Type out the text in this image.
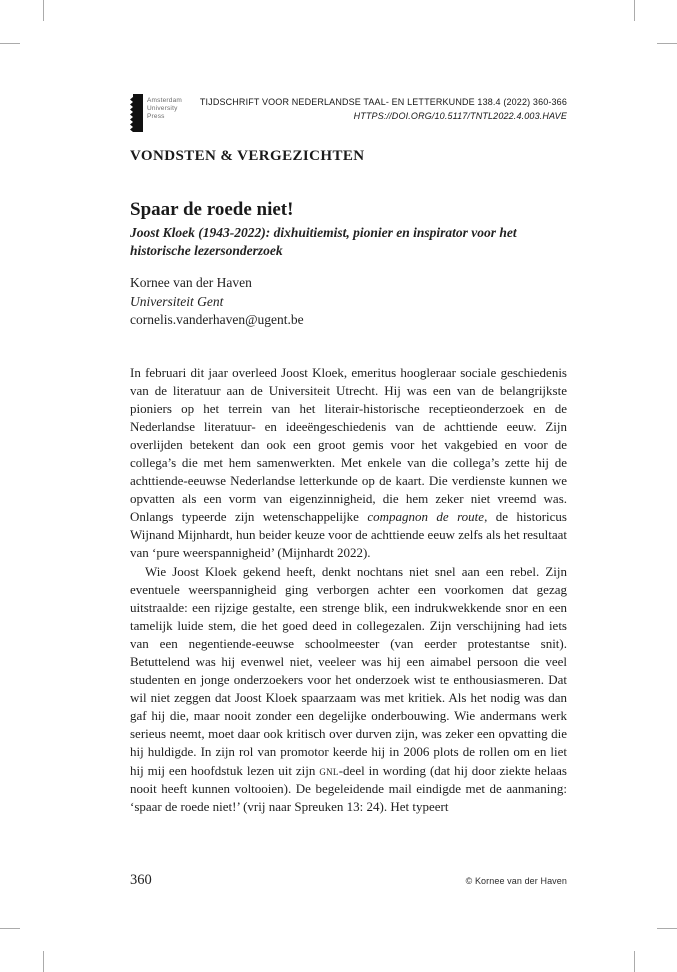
Amsterdam
University
Press
TIJDSCHRIFT VOOR NEDERLANDSE TAAL- EN LETTERKUNDE 138.4 (2022) 360-366
HTTPS://DOI.ORG/10.5117/TNTL2022.4.003.HAVE
VONDSTEN & VERGEZICHTEN
Spaar de roede niet!
Joost Kloek (1943-2022): dixhuitiemist, pionier en inspirator voor het historische lezersonderzoek
Kornee van der Haven
Universiteit Gent
cornelis.vanderhaven@ugent.be

In februari dit jaar overleed Joost Kloek, emeritus hoogleraar sociale geschiedenis van de literatuur aan de Universiteit Utrecht. Hij was een van de belangrijkste pioniers op het terrein van het literair-historische receptieonderzoek en de Nederlandse literatuur- en ideeëngeschiedenis van de achttiende eeuw. Zijn overlijden betekent dan ook een groot gemis voor het vakgebied en voor de collega’s die met hem samenwerkten. Met enkele van die collega’s zette hij de achttiende-eeuwse Nederlandse letterkunde op de kaart. Die verdienste kunnen we opvatten als een vorm van eigenzinnigheid, die hem zeker niet vreemd was. Onlangs typeerde zijn wetenschappelijke compagnon de route, de historicus Wijnand Mijnhardt, hun beider keuze voor de achttiende eeuw zelfs als het resultaat van ‘pure weerspannigheid’ (Mijnhardt 2022).

Wie Joost Kloek gekend heeft, denkt nochtans niet snel aan een rebel. Zijn eventuele weerspannigheid ging verborgen achter een voorkomen dat gezag uitstraalde: een rijzige gestalte, een strenge blik, een indrukwekkende snor en een tamelijk luide stem, die het goed deed in collegezalen. Zijn verschijning had iets van een negentiende-eeuwse schoolmeester (van eerder protestantse snit). Betuttelend was hij evenwel niet, veeleer was hij een aimabel persoon die veel studenten en jonge onderzoekers voor het onderzoek wist te enthousiasmeren. Dat wil niet zeggen dat Joost Kloek spaarzaam was met kritiek. Als het nodig was dan gaf hij die, maar nooit zonder een degelijke onderbouwing. Wie andermans werk serieus neemt, moet daar ook kritisch over durven zijn, was zeker een opvatting die hij huldigde. In zijn rol van promotor keerde hij in 2006 plots de rollen om en liet hij mij een hoofdstuk lezen uit zijn gnl-deel in wording (dat hij door ziekte helaas nooit heeft kunnen voltooien). De begeleidende mail eindigde met de aanmaning: ‘spaar de roede niet!’ (vrij naar Spreuken 13: 24). Het typeert

360	© Kornee van der Haven
